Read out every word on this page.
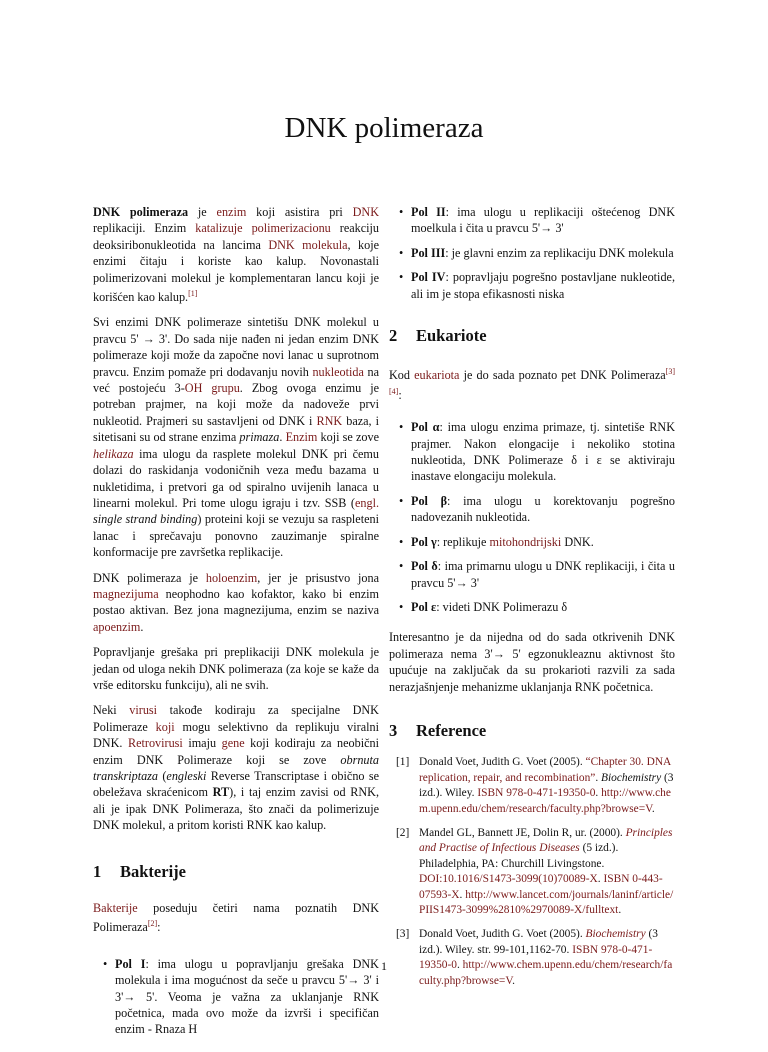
DNK polimeraza

DNK polimeraza je enzim koji asistira pri DNK replikaciji. Enzim katalizuje polimerizacionu reakciju deoksiribonukleotida na lancima DNK molekula, koje enzimi čitaju i koriste kao kalup. Novonastali polimerizovani molekul je komplementaran lancu koji je korišćen kao kalup.[1]

Svi enzimi DNK polimeraze sintetišu DNK molekul u pravcu 5' → 3'. Do sada nije nađen ni jedan enzim DNK polimeraze koji može da započne novi lanac u suprotnom pravcu. Enzim pomaže pri dodavanju novih nukleotida na već postojeću 3-OH grupu. Zbog ovoga enzimu je potreban prajmer, na koji može da nadoveže prvi nukleotid. Prajmeri su sastavljeni od DNK i RNK baza, i sitetisani su od strane enzima primaza. Enzim koji se zove helikaza ima ulogu da rasplete molekul DNK pri čemu dolazi do raskidanja vodoničnih veza među bazama u nukletidima, i pretvori ga od spiralno uvijenih lanaca u linearni molekul. Pri tome ulogu igraju i tzv. SSB (engl. single strand binding) proteini koji se vezuju sa raspleteni lanac i sprečavaju ponovno zauzimanje spiralne konformacije pre završetka replikacije.

DNK polimeraza je holoenzim, jer je prisustvo jona magnezijuma neophodno kao kofaktor, kako bi enzim postao aktivan. Bez jona magnezijuma, enzim se naziva apoenzim.

Popravljanje grešaka pri preplikaciji DNK molekula je jedan od uloga nekih DNK polimeraza (za koje se kaže da vrše editorsku funkciju), ali ne svih.

Neki virusi takođe kodiraju za specijalne DNK Polimeraze koji mogu selektivno da replikuju viralni DNK. Retrovirusi imaju gene koji kodiraju za neobični enzim DNK Polimeraze koji se zove obrnuta transkriptaza (engleski Reverse Transcriptase i obično se obeležava skraćenicom RT), i taj enzim zavisi od RNK, ali je ipak DNK Polimeraza, što znači da polimerizuje DNK molekul, a pritom koristi RNK kao kalup.

1 Bakterije

Bakterije poseduju četiri nama poznatih DNK Polimeraza[2]:

• Pol I: ima ulogu u popravljanju grešaka DNK molekula i ima mogućnost da seče u pravcu 5'→ 3' i 3'→ 5'. Veoma je važna za uklanjanje RNK početnica, mada ovo može da izvrši i specifičan enzim - Rnaza H
• Pol II: ima ulogu u replikaciji oštećenog DNK moelkula i čita u pravcu 5'→ 3'
• Pol III: je glavni enzim za replikaciju DNK molekula
• Pol IV: popravljaju pogrešno postavljane nukleotide, ali im je stopa efikasnosti niska
2 Eukariote

Kod eukariota je do sada poznato pet DNK Polimeraza[3][4]:

• Pol α: ima ulogu enzima primaze, tj. sintetiše RNK prajmer. Nakon elongacije i nekoliko stotina nukleotida, DNK Polimeraze δ i ε se aktiviraju inastave elongaciju molekula.
• Pol β: ima ulogu u korektovanju pogrešno nadovezanih nukleotida.
• Pol γ: replikuje mitohondrijski DNK.
• Pol δ: ima primarnu ulogu u DNK replikaciji, i čita u pravcu 5'→ 3'
• Pol ε: videti DNK Polimerazu δ

Interesantno je da nijedna od do sada otkrivenih DNK polimeraza nema 3'→ 5' egzonukleaznu aktivnost što upućuje na zaključak da su prokarioti razvili za sada nerazjašnjenje mehanizme uklanjanja RNK početnica.

3 Reference
[1] Donald Voet, Judith G. Voet (2005). “Chapter 30. DNA replication, repair, and recombination”. Biochemistry (3 izd.). Wiley. ISBN 978-0-471-19350-0. http://www.chem.upenn.edu/chem/research/faculty.php?browse=V.
[2] Mandel GL, Bannett JE, Dolin R, ur. (2000). Principles and Practise of Infectious Diseases (5 izd.). Philadelphia, PA: Churchill Livingstone. DOI:10.1016/S1473-3099(10)70089-X. ISBN 0-443-07593-X. http://www.lancet.com/journals/laninf/article/PIIS1473-3099%2810%2970089-X/fulltext.
[3] Donald Voet, Judith G. Voet (2005). Biochemistry (3 izd.). Wiley. str. 99-101,1162-70. ISBN 978-0-471-19350-0. http://www.chem.upenn.edu/chem/research/faculty.php?browse=V.
1
